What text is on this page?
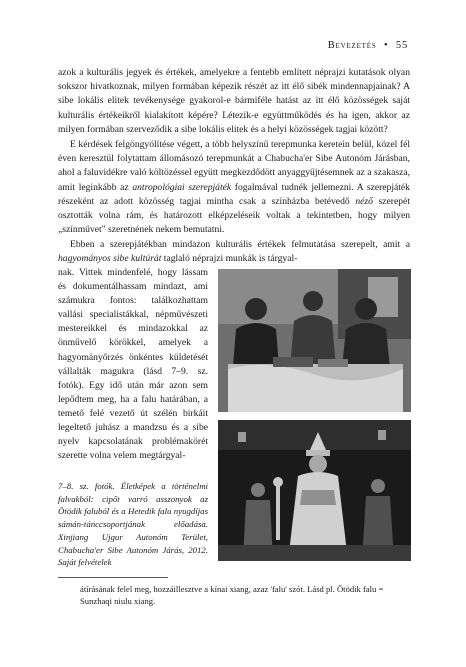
Bevezetés • 55

azok a kulturális jegyek és értékek, amelyekre a fentebb említett néprajzi kutatások olyan sokszor hivatkoznak, milyen formában képezik részét az itt élő sibék mindennapjainak? A sibe lokális elitek tevékenysége gyakorol-e bármiféle hatást az itt élő közösségek saját kulturális értékeikről kialakított képére? Létezik-e együttműködés és ha igen, akkor az milyen formában szerveződik a sibe lokális elitek és a helyi közösségek tagjai között?

E kérdések felgöngyölítése végett, a több helyszínű terepmunka keretein belül, közel fél éven keresztül folytattam állomásozó terepmunkát a Chabucha'er Sibe Autonóm Járásban, ahol a faluvidékre való költözéssel együtt megkezdődött anyaggyűjtésemnek az a szakasza, amit leginkább az antropológiai szerepjáték fogalmával tudnék jellemezni. A szerepjáték részeként az adott közösség tagjai mintha csak a színházba betévedő néző szerepét osztották volna rám, és határozott elképzeléseik voltak a tekintetben, hogy milyen „színművet" szeretnének nekem bemutatni.

Ebben a szerepjátékban mindazon kulturális értékek felmutatása szerepelt, amit a hagyományos sibe kultúrát taglaló néprajzi munkák is tárgyal-

nak. Vittek mindenfelé, hogy lássam és dokumentálhassam mindazt, ami számukra fontos: találkozhattam vallási specialistákkal, népművészeti mestereikkel és mindazokkal az önművelő körökkel, amelyek a hagyományőrzés önkéntes küldetését vállalták magukra (lásd 7–9. sz. fotók). Egy idő után már azon sem lepődtem meg, ha a falu határában, a temető felé vezető út szélén birkáit legeltető juhász a mandzsu és a sibe nyelv kapcsolatának problémakörét szerette volna velem megtárgyal-

7–8. sz. fotók. Életképek a történelmi falvakból: cipőt varró asszonyok az Ötödik faluból és a Hetedik falu nyugdíjas sámán-tánccsoportjának előadása. Xinjiang Ujgur Autonóm Terület, Chabucha'er Sibe Autonóm Járás, 2012. Saját felvételek

átírásának felel meg, hozzáillesztve a kínai xiang, azaz 'falu' szót. Lásd pl. Ötödik falu = Sunzhaqi niulu xiang.
